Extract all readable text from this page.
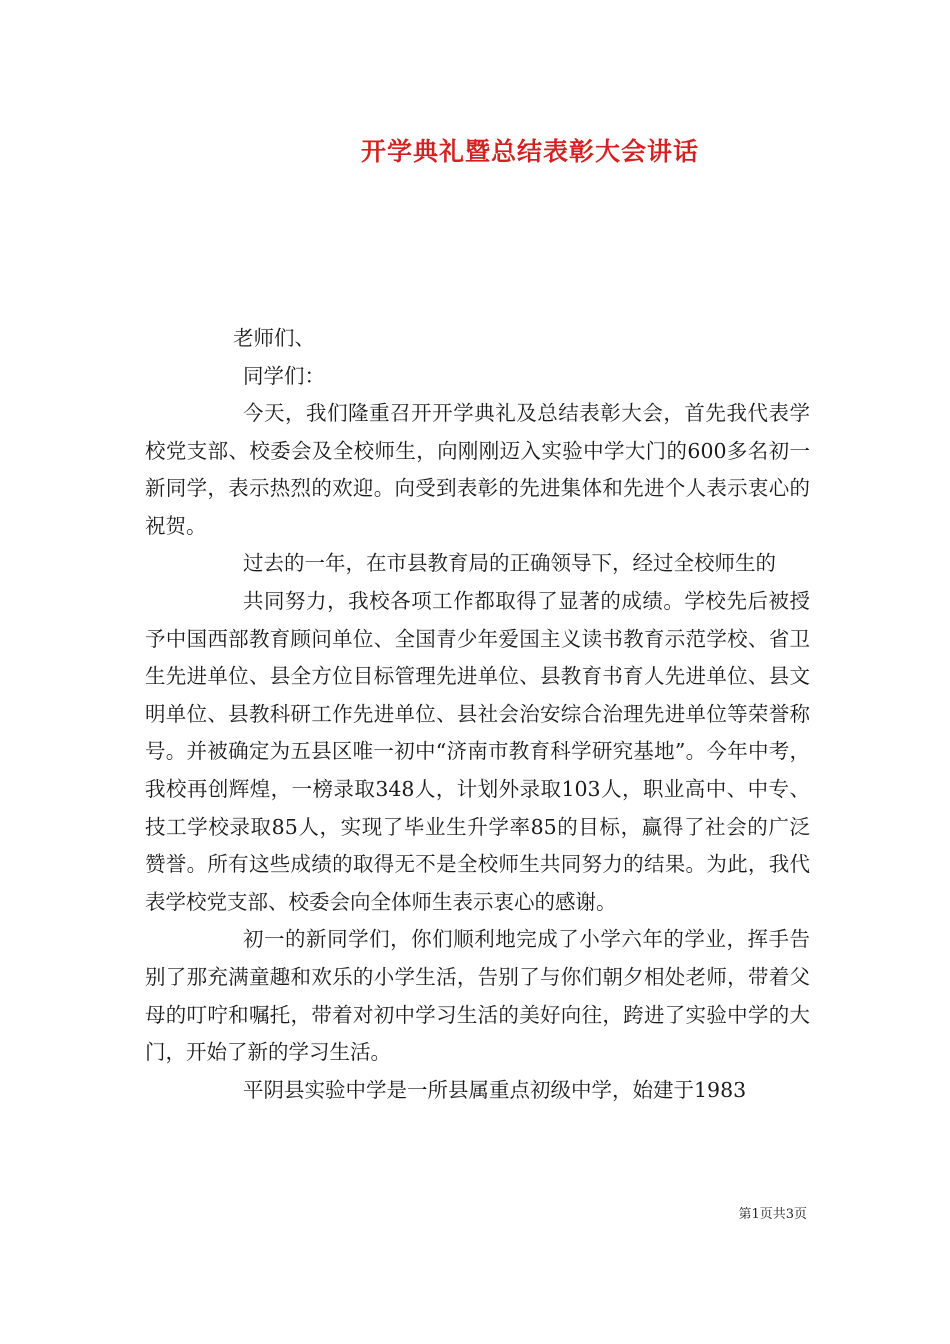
开学典礼暨总结表彰大会讲话
老师们、
同学们：

今天，我们隆重召开开学典礼及总结表彰大会，首先我代表学校党支部、校委会及全校师生，向刚刚迈入实验中学大门的600多名初一新同学，表示热烈的欢迎。向受到表彰的先进集体和先进个人表示衷心的祝贺。

过去的一年，在市县教育局的正确领导下，经过全校师生的

共同努力，我校各项工作都取得了显著的成绩。学校先后被授予中国西部教育顾问单位、全国青少年爱国主义读书教育示范学校、省卫生先进单位、县全方位目标管理先进单位、县教育书育人先进单位、县文明单位、县教科研工作先进单位、县社会治安综合治理先进单位等荣誉称号。并被确定为五县区唯一初中“济南市教育科学研究基地”。今年中考，我校再创辉煌，一榜录取348人，计划外录取103人，职业高中、中专、技工学校录取85人，实现了毕业生升学率85的目标，赢得了社会的广泛赞誉。所有这些成绩的取得无不是全校师生共同努力的结果。为此，我代表学校党支部、校委会向全体师生表示衷心的感谢。

初一的新同学们，你们顺利地完成了小学六年的学业，挥手告别了那充满童趣和欢乐的小学生活，告别了与你们朝夕相处老师，带着父母的叮咛和嘱托，带着对初中学习生活的美好向往，跨进了实验中学的大门，开始了新的学习生活。

平阴县实验中学是一所县属重点初级中学，始建于1983

第1页共3页
